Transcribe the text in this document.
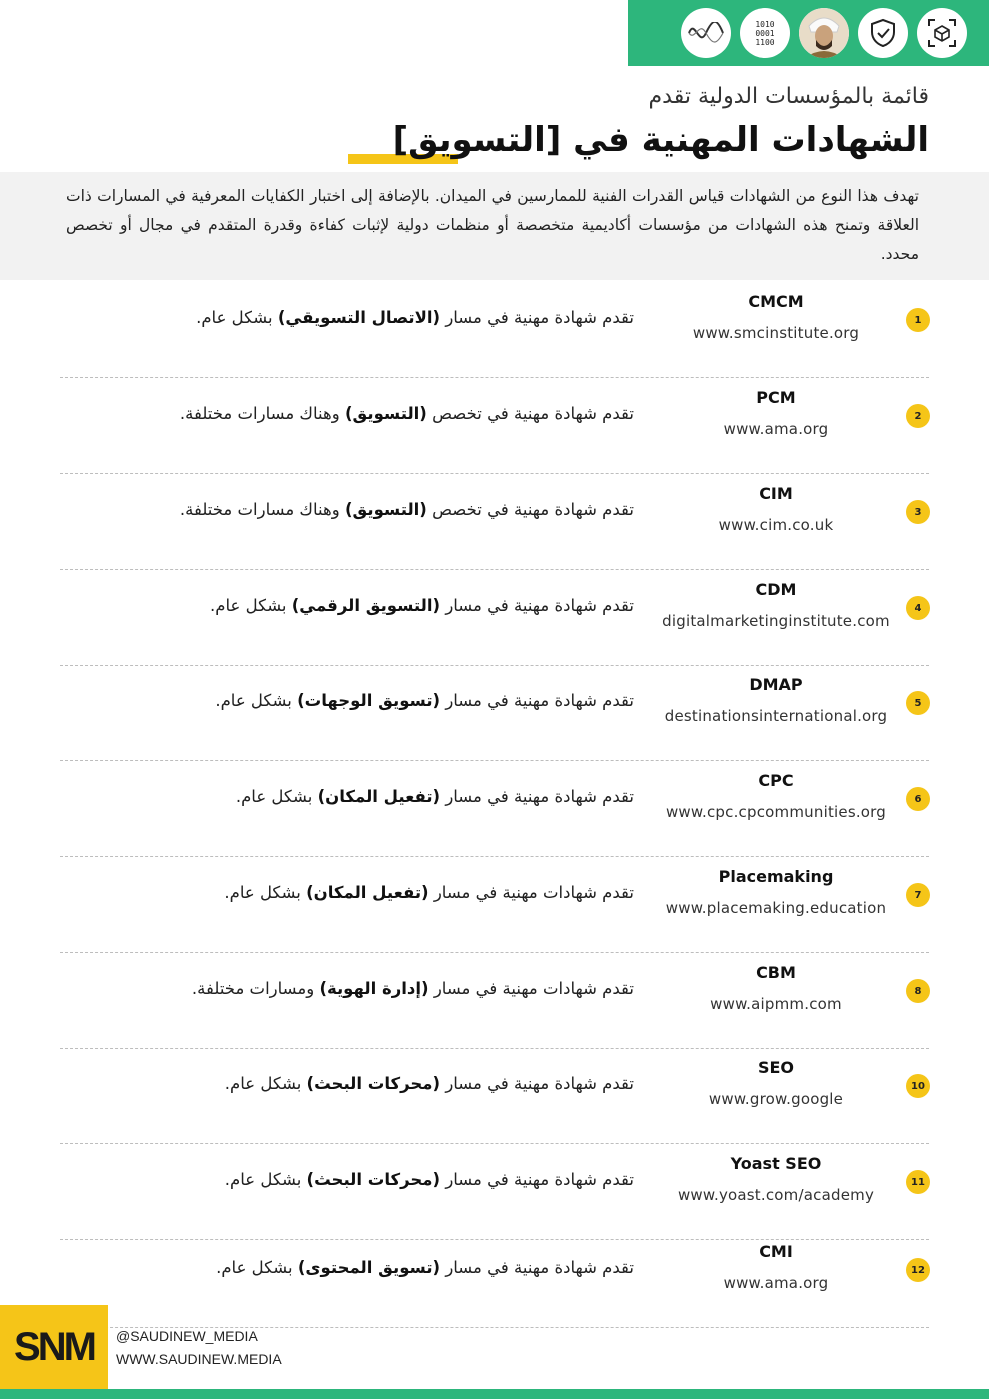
1010
0001
1100
قائمة بالمؤسسات الدولية تقدم
الشهادات المهنية في [التسويق]

تهدف هذا النوع من الشهادات قياس القدرات الفنية للممارسين في الميدان. بالإضافة إلى اختبار الكفايات المعرفية في المسارات ذات العلاقة وتمنح هذه الشهادات من مؤسسات أكاديمية متخصصة أو منظمات دولية لإثبات كفاءة وقدرة المتقدم في مجال أو تخصص محدد.

1
CMCM
www.smcinstitute.org
تقدم شهادة مهنية في مسار (الاتصال التسويقي) بشكل عام.
2
PCM
www.ama.org
تقدم شهادة مهنية في تخصص (التسويق) وهناك مسارات مختلفة.
3
CIM
www.cim.co.uk
تقدم شهادة مهنية في تخصص (التسويق) وهناك مسارات مختلفة.
4
CDM
digitalmarketinginstitute.com
تقدم شهادة مهنية في مسار (التسويق الرقمي) بشكل عام.
5
DMAP
destinationsinternational.org
تقدم شهادة مهنية في مسار (تسويق الوجهات) بشكل عام.
6
CPC
www.cpc.cpcommunities.org
تقدم شهادة مهنية في مسار (تفعيل المكان) بشكل عام.
7
Placemaking
www.placemaking.education
تقدم شهادات مهنية في مسار (تفعيل المكان) بشكل عام.
8
CBM
www.aipmm.com
تقدم شهادات مهنية في مسار (إدارة الهوية) ومسارات مختلفة.
10
SEO
www.grow.google
تقدم شهادة مهنية في مسار (محركات البحث) بشكل عام.
11
Yoast SEO
www.yoast.com/academy
تقدم شهادة مهنية في مسار (محركات البحث) بشكل عام.
12
CMI
www.ama.org
تقدم شهادة مهنية في مسار (تسويق المحتوى) بشكل عام.
SNM	@SAUDINEW_MEDIA
WWW.SAUDINEW.MEDIA
